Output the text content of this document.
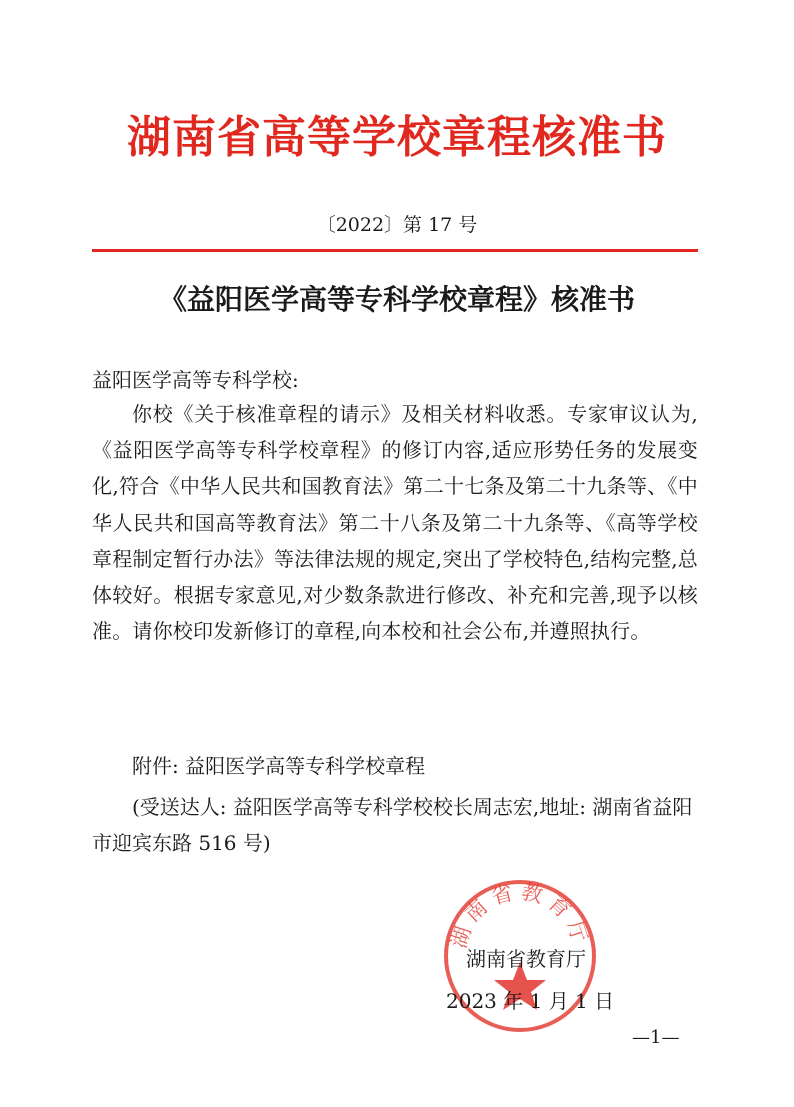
湖南省高等学校章程核准书
〔2022〕第 17 号
《益阳医学高等专科学校章程》核准书
益阳医学高等专科学校:

你校《关于核准章程的请示》及相关材料收悉。专家审议认为,《益阳医学高等专科学校章程》的修订内容,适应形势任务的发展变化,符合《中华人民共和国教育法》第二十七条及第二十九条等、《中华人民共和国高等教育法》第二十八条及第二十九条等、《高等学校章程制定暂行办法》等法律法规的规定,突出了学校特色,结构完整,总体较好。根据专家意见,对少数条款进行修改、补充和完善,现予以核准。请你校印发新修订的章程,向本校和社会公布,并遵照执行。

附件: 益阳医学高等专科学校章程

(受送达人: 益阳医学高等专科学校校长周志宏,地址: 湖南省益阳市迎宾东路 516 号)

湖南省教育厅
湖南省教育厅
2023 年 1 月 1 日
—1—
